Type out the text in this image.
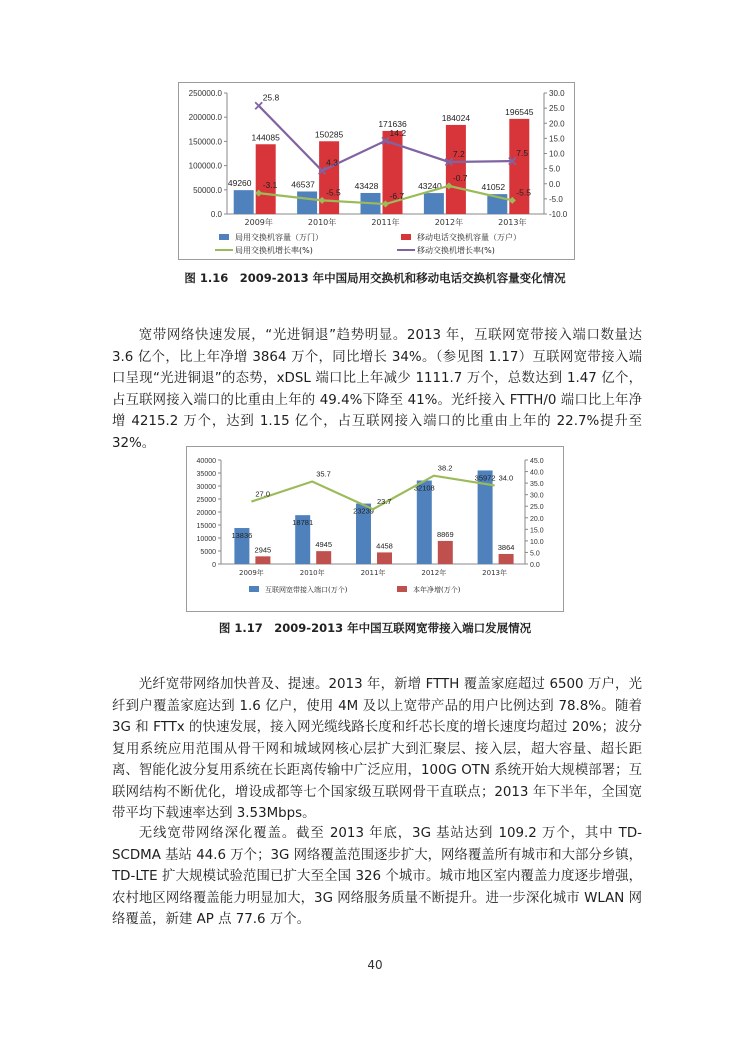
0.0
50000.0
100000.0
150000.0
200000.0
250000.0
-10.0
-5.0
0.0
5.0
10.0
15.0
20.0
25.0
30.0
2009年	2010年	2011年	2012年	2013年
49260	46537	43428	43240	41052
144085	150285
171636
184024
196545
-3.1
-5.5	-6.7
-0.7
-5.5
25.8
4.3
14.2
7.2	7.5
局用交换机容量（万门）	移动电话交换机容量（万户）
局用交换机增长率(%)	移动交换机增长率(%)
图 1.16　2009-2013 年中国局用交换机和移动电话交换机容量变化情况

宽带网络快速发展，“光进铜退”趋势明显。2013 年，互联网宽带接入端口数量达 3.6 亿个，比上年净增 3864 万个，同比增长 34%。（参见图 1.17）互联网宽带接入端口呈现“光进铜退”的态势，xDSL 端口比上年减少 1111.7 万个，总数达到 1.47 亿个，占互联网接入端口的比重由上年的 49.4%下降至 41%。光纤接入 FTTH/0 端口比上年净增 4215.2 万个，达到 1.15 亿个，占互联网接入端口的比重由上年的 22.7%提升至 32%。

0
5000
10000
15000
20000
25000
30000
35000
40000
0.0
5.0
10.0
15.0
20.0
25.0
30.0
35.0
40.0
45.0
2009年	2010年	2011年	2012年	2013年
13836
18781
23239
32108
35972
2945
4945	4458
8869
3864
27.0
35.7
23.7
38.2
34.0
互联网宽带接入端口(万个)	本年净增(万个)
图 1.17　2009-2013 年中国互联网宽带接入端口发展情况

光纤宽带网络加快普及、提速。2013 年，新增 FTTH 覆盖家庭超过 6500 万户，光纤到户覆盖家庭达到 1.6 亿户，使用 4M 及以上宽带产品的用户比例达到 78.8%。随着 3G 和 FTTx 的快速发展，接入网光缆线路长度和纤芯长度的增长速度均超过 20%；波分复用系统应用范围从骨干网和城域网核心层扩大到汇聚层、接入层，超大容量、超长距离、智能化波分复用系统在长距离传输中广泛应用，100G OTN 系统开始大规模部署；互联网结构不断优化，增设成都等七个国家级互联网骨干直联点；2013 年下半年，全国宽带平均下载速率达到 3.53Mbps。

无线宽带网络深化覆盖。截至 2013 年底，3G 基站达到 109.2 万个，其中 TD-SCDMA 基站 44.6 万个；3G 网络覆盖范围逐步扩大，网络覆盖所有城市和大部分乡镇，TD-LTE 扩大规模试验范围已扩大至全国 326 个城市。城市地区室内覆盖力度逐步增强，农村地区网络覆盖能力明显加大，3G 网络服务质量不断提升。进一步深化城市 WLAN 网络覆盖，新建 AP 点 77.6 万个。

40
